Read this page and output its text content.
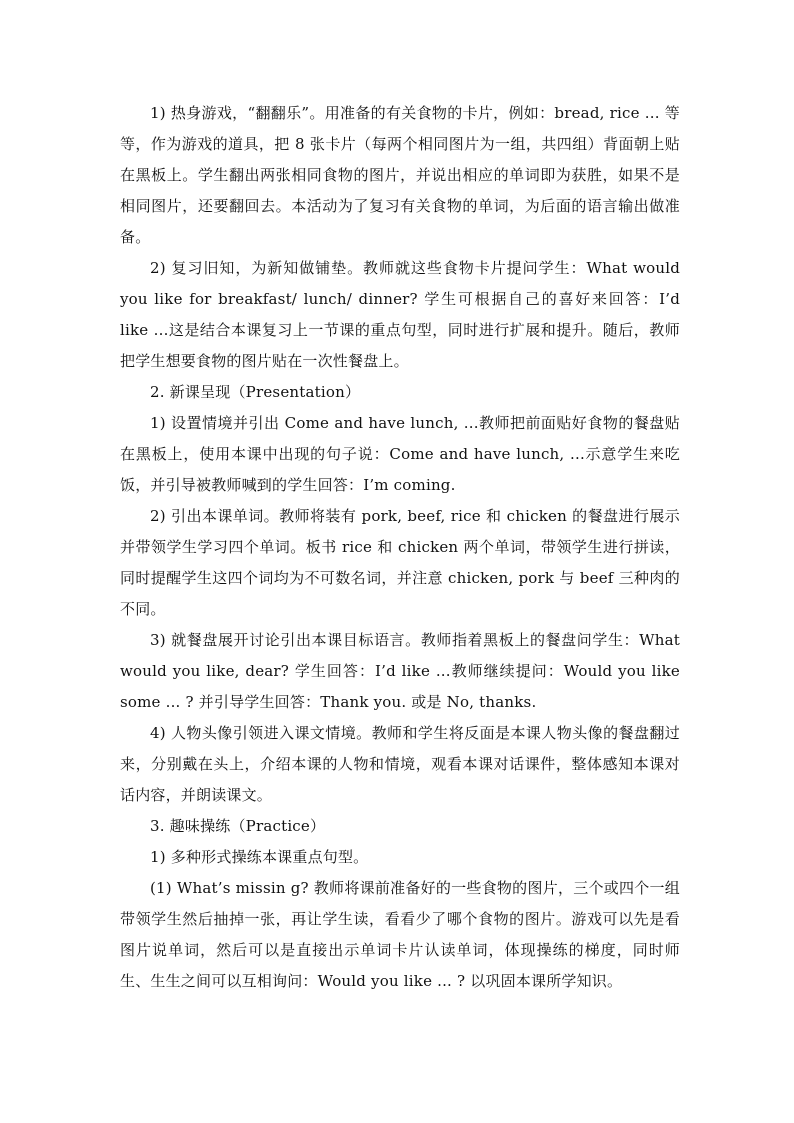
1) 热身游戏，“翻翻乐”。用准备的有关食物的卡片，例如：bread, rice ... 等等，作为游戏的道具，把 8 张卡片（每两个相同图片为一组，共四组）背面朝上贴在黑板上。学生翻出两张相同食物的图片，并说出相应的单词即为获胜，如果不是相同图片，还要翻回去。本活动为了复习有关食物的单词，为后面的语言输出做准备。

2) 复习旧知，为新知做铺垫。教师就这些食物卡片提问学生：What would you like for breakfast/ lunch/ dinner? 学生可根据自己的喜好来回答：I’d like ...这是结合本课复习上一节课的重点句型，同时进行扩展和提升。随后，教师把学生想要食物的图片贴在一次性餐盘上。

2. 新课呈现（Presentation）

1) 设置情境并引出 Come and have lunch, ...教师把前面贴好食物的餐盘贴在黑板上，使用本课中出现的句子说：Come and have lunch, ...示意学生来吃饭，并引导被教师喊到的学生回答：I’m coming.

2) 引出本课单词。教师将装有 pork, beef, rice 和 chicken 的餐盘进行展示并带领学生学习四个单词。板书 rice 和 chicken 两个单词，带领学生进行拼读，同时提醒学生这四个词均为不可数名词，并注意 chicken, pork 与 beef 三种肉的不同。

3) 就餐盘展开讨论引出本课目标语言。教师指着黑板上的餐盘问学生：What would you like, dear? 学生回答：I’d like ...教师继续提问：Would you like some ... ? 并引导学生回答：Thank you. 或是 No, thanks.

4) 人物头像引领进入课文情境。教师和学生将反面是本课人物头像的餐盘翻过来，分别戴在头上，介绍本课的人物和情境，观看本课对话课件，整体感知本课对话内容，并朗读课文。

3. 趣味操练（Practice）

1) 多种形式操练本课重点句型。

(1) What’s missin g? 教师将课前准备好的一些食物的图片，三个或四个一组带领学生然后抽掉一张，再让学生读，看看少了哪个食物的图片。游戏可以先是看图片说单词，然后可以是直接出示单词卡片认读单词，体现操练的梯度，同时师生、生生之间可以互相询问：Would you like ... ? 以巩固本课所学知识。
